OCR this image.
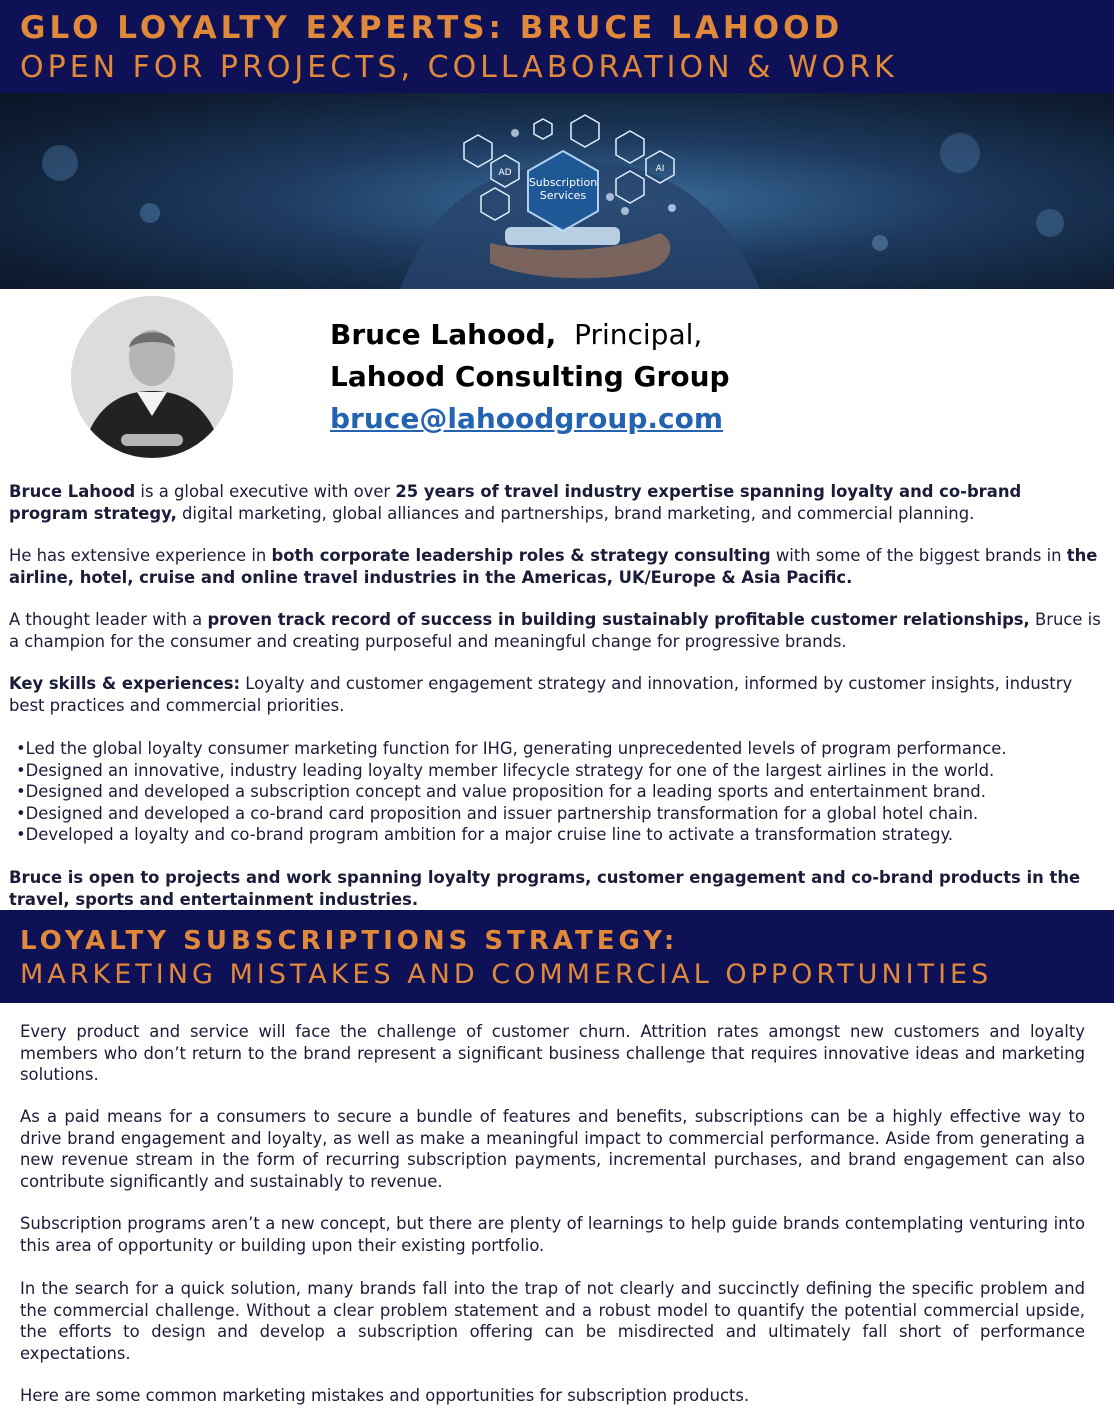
GLO LOYALTY EXPERTS: BRUCE LAHOOD
OPEN FOR PROJECTS, COLLABORATION & WORK
Subscription
Services
AD	AI
Bruce Lahood, Principal,
Lahood Consulting Group
bruce@lahoodgroup.com
Bruce Lahood is a global executive with over 25 years of travel industry expertise spanning loyalty and co-brand program strategy, digital marketing, global alliances and partnerships, brand marketing, and commercial planning.
He has extensive experience in both corporate leadership roles & strategy consulting with some of the biggest brands in the airline, hotel, cruise and online travel industries in the Americas, UK/Europe & Asia Pacific.
A thought leader with a proven track record of success in building sustainably profitable customer relationships, Bruce is a champion for the consumer and creating purposeful and meaningful change for progressive brands.
Key skills & experiences: Loyalty and customer engagement strategy and innovation, informed by customer insights, industry best practices and commercial priorities.
• Led the global loyalty consumer marketing function for IHG, generating unprecedented levels of program performance.
• Designed an innovative, industry leading loyalty member lifecycle strategy for one of the largest airlines in the world.
• Designed and developed a subscription concept and value proposition for a leading sports and entertainment brand.
• Designed and developed a co-brand card proposition and issuer partnership transformation for a global hotel chain.
• Developed a loyalty and co-brand program ambition for a major cruise line to activate a transformation strategy.
Bruce is open to projects and work spanning loyalty programs, customer engagement and co-brand products in the travel, sports and entertainment industries.
LOYALTY SUBSCRIPTIONS STRATEGY:
MARKETING MISTAKES AND COMMERCIAL OPPORTUNITIES
Every product and service will face the challenge of customer churn. Attrition rates amongst new customers and loyalty members who don’t return to the brand represent a significant business challenge that requires innovative ideas and marketing solutions.
As a paid means for a consumers to secure a bundle of features and benefits, subscriptions can be a highly effective way to drive brand engagement and loyalty, as well as make a meaningful impact to commercial performance. Aside from generating a new revenue stream in the form of recurring subscription payments, incremental purchases, and brand engagement can also contribute significantly and sustainably to revenue.
Subscription programs aren’t a new concept, but there are plenty of learnings to help guide brands contemplating venturing into this area of opportunity or building upon their existing portfolio.
In the search for a quick solution, many brands fall into the trap of not clearly and succinctly defining the specific problem and the commercial challenge. Without a clear problem statement and a robust model to quantify the potential commercial upside, the efforts to design and develop a subscription offering can be misdirected and ultimately fall short of performance expectations.
Here are some common marketing mistakes and opportunities for subscription products.
